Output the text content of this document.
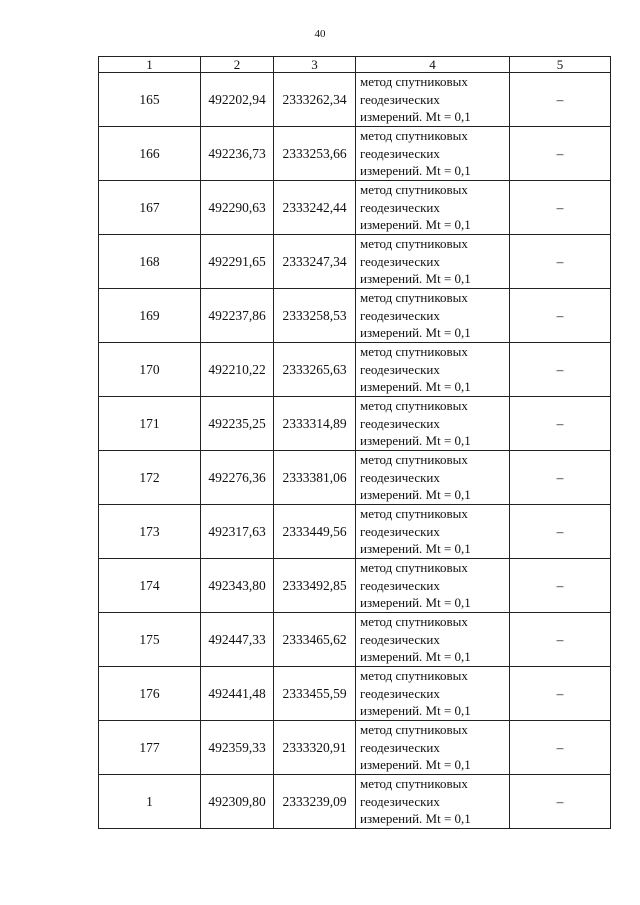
40
1	2	3	4	5
165	492202,94	2333262,34	метод спутниковых
геодезических
измерений. Mt = 0,1	–
166	492236,73	2333253,66	метод спутниковых
геодезических
измерений. Mt = 0,1	–
167	492290,63	2333242,44	метод спутниковых
геодезических
измерений. Mt = 0,1	–
168	492291,65	2333247,34	метод спутниковых
геодезических
измерений. Mt = 0,1	–
169	492237,86	2333258,53	метод спутниковых
геодезических
измерений. Mt = 0,1	–
170	492210,22	2333265,63	метод спутниковых
геодезических
измерений. Mt = 0,1	–
171	492235,25	2333314,89	метод спутниковых
геодезических
измерений. Mt = 0,1	–
172	492276,36	2333381,06	метод спутниковых
геодезических
измерений. Mt = 0,1	–
173	492317,63	2333449,56	метод спутниковых
геодезических
измерений. Mt = 0,1	–
174	492343,80	2333492,85	метод спутниковых
геодезических
измерений. Mt = 0,1	–
175	492447,33	2333465,62	метод спутниковых
геодезических
измерений. Mt = 0,1	–
176	492441,48	2333455,59	метод спутниковых
геодезических
измерений. Mt = 0,1	–
177	492359,33	2333320,91	метод спутниковых
геодезических
измерений. Mt = 0,1	–
1	492309,80	2333239,09	метод спутниковых
геодезических
измерений. Mt = 0,1	–
